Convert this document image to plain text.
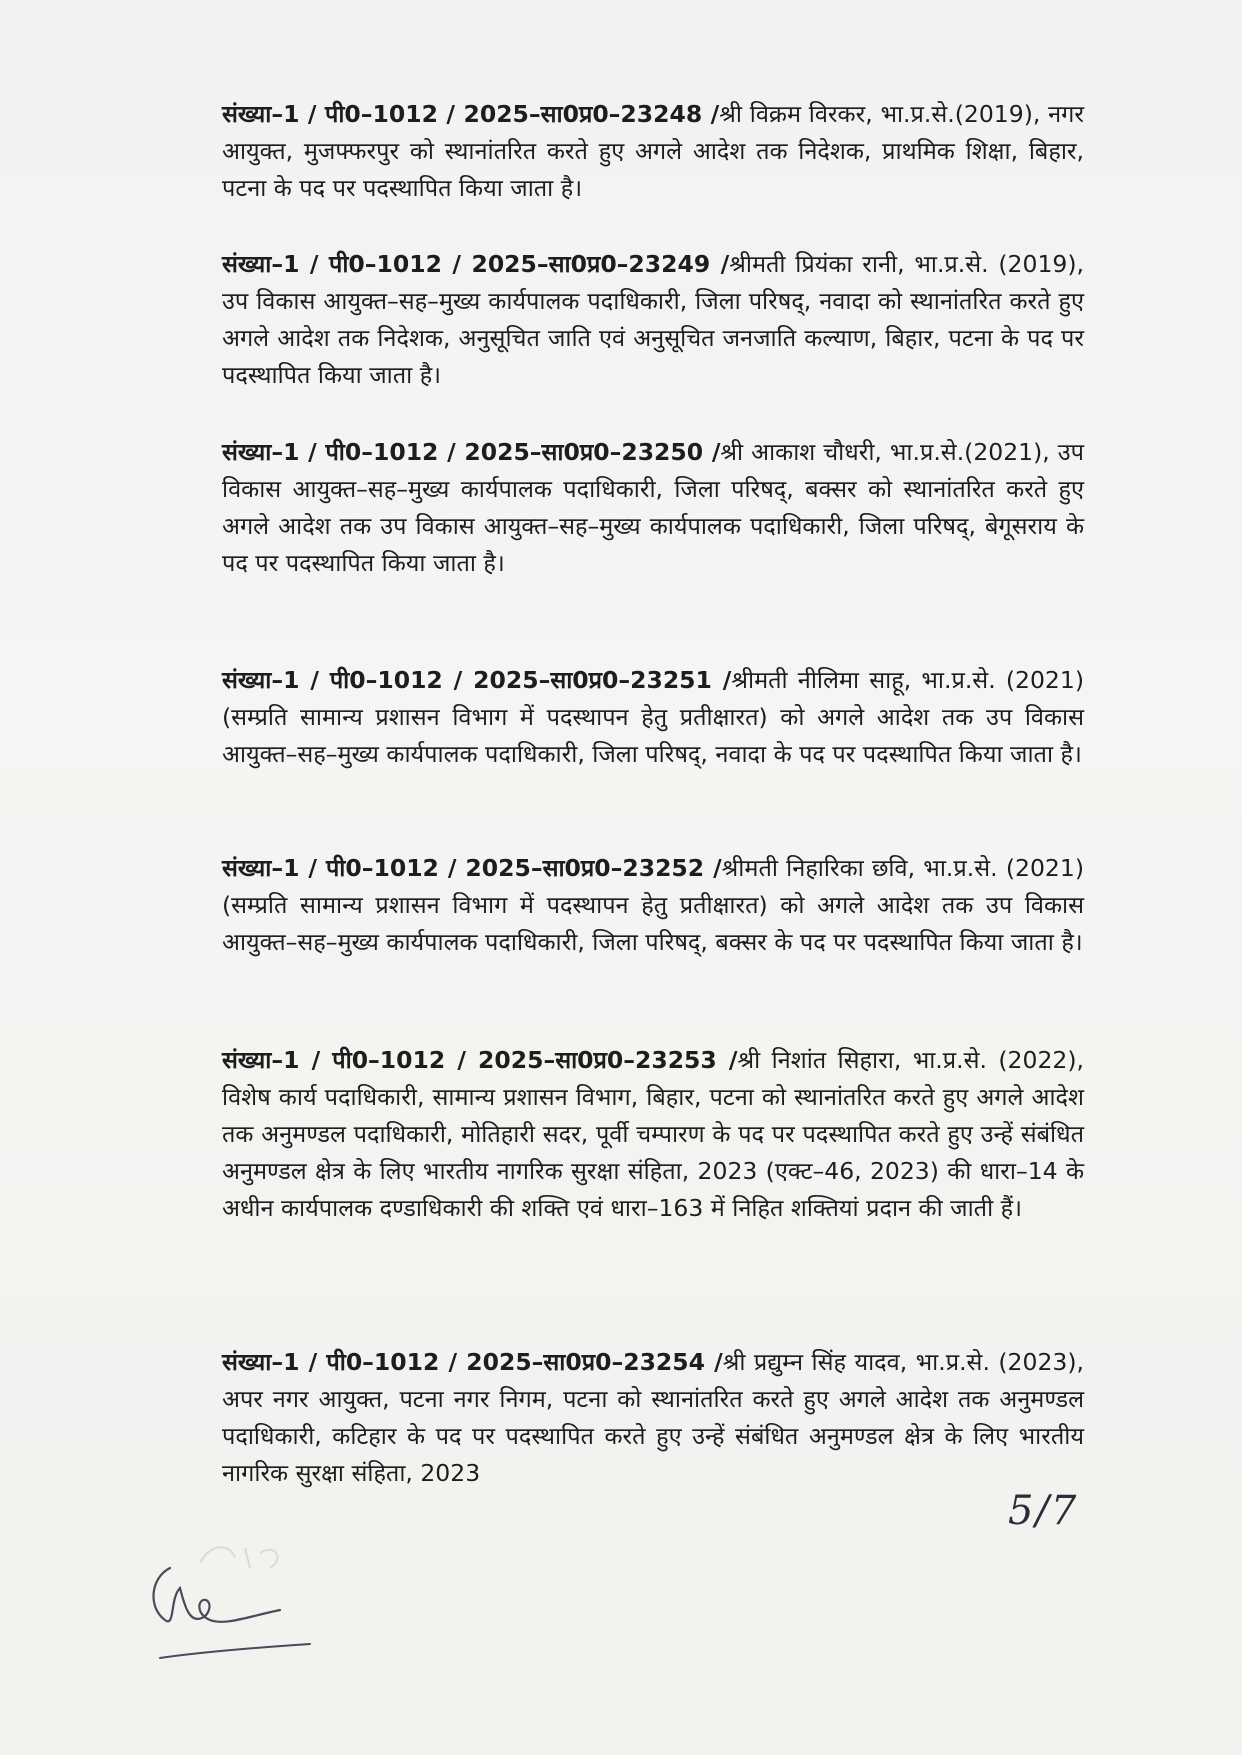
संख्या–1 / पी0–1012 / 2025–सा0प्र0–23248 /श्री विक्रम विरकर, भा.प्र.से.(2019), नगर आयुक्त, मुजफ्फरपुर को स्थानांतरित करते हुए अगले आदेश तक निदेशक, प्राथमिक शिक्षा, बिहार, पटना के पद पर पदस्थापित किया जाता है।

संख्या–1 / पी0–1012 / 2025–सा0प्र0–23249 /श्रीमती प्रियंका रानी, भा.प्र.से. (2019), उप विकास आयुक्त–सह–मुख्य कार्यपालक पदाधिकारी, जिला परिषद्, नवादा को स्थानांतरित करते हुए अगले आदेश तक निदेशक, अनुसूचित जाति एवं अनुसूचित जनजाति कल्याण, बिहार, पटना के पद पर पदस्थापित किया जाता है।

संख्या–1 / पी0–1012 / 2025–सा0प्र0–23250 /श्री आकाश चौधरी, भा.प्र.से.(2021), उप विकास आयुक्त–सह–मुख्य कार्यपालक पदाधिकारी, जिला परिषद्, बक्सर को स्थानांतरित करते हुए अगले आदेश तक उप विकास आयुक्त–सह–मुख्य कार्यपालक पदाधिकारी, जिला परिषद्, बेगूसराय के पद पर पदस्थापित किया जाता है।

संख्या–1 / पी0–1012 / 2025–सा0प्र0–23251 /श्रीमती नीलिमा साहू, भा.प्र.से. (2021) (सम्प्रति सामान्य प्रशासन विभाग में पदस्थापन हेतु प्रतीक्षारत) को अगले आदेश तक उप विकास आयुक्त–सह–मुख्य कार्यपालक पदाधिकारी, जिला परिषद्, नवादा के पद पर पदस्थापित किया जाता है।

संख्या–1 / पी0–1012 / 2025–सा0प्र0–23252 /श्रीमती निहारिका छवि, भा.प्र.से. (2021) (सम्प्रति सामान्य प्रशासन विभाग में पदस्थापन हेतु प्रतीक्षारत) को अगले आदेश तक उप विकास आयुक्त–सह–मुख्य कार्यपालक पदाधिकारी, जिला परिषद्, बक्सर के पद पर पदस्थापित किया जाता है।

संख्या–1 / पी0–1012 / 2025–सा0प्र0–23253 /श्री निशांत सिहारा, भा.प्र.से. (2022), विशेष कार्य पदाधिकारी, सामान्य प्रशासन विभाग, बिहार, पटना को स्थानांतरित करते हुए अगले आदेश तक अनुमण्डल पदाधिकारी, मोतिहारी सदर, पूर्वी चम्पारण के पद पर पदस्थापित करते हुए उन्हें संबंधित अनुमण्डल क्षेत्र के लिए भारतीय नागरिक सुरक्षा संहिता, 2023 (एक्ट–46, 2023) की धारा–14 के अधीन कार्यपालक दण्डाधिकारी की शक्ति एवं धारा–163 में निहित शक्तियां प्रदान की जाती हैं।

संख्या–1 / पी0–1012 / 2025–सा0प्र0–23254 /श्री प्रद्युम्न सिंह यादव, भा.प्र.से. (2023), अपर नगर आयुक्त, पटना नगर निगम, पटना को स्थानांतरित करते हुए अगले आदेश तक अनुमण्डल पदाधिकारी, कटिहार के पद पर पदस्थापित करते हुए उन्हें संबंधित अनुमण्डल क्षेत्र के लिए भारतीय नागरिक सुरक्षा संहिता, 2023

5/7
